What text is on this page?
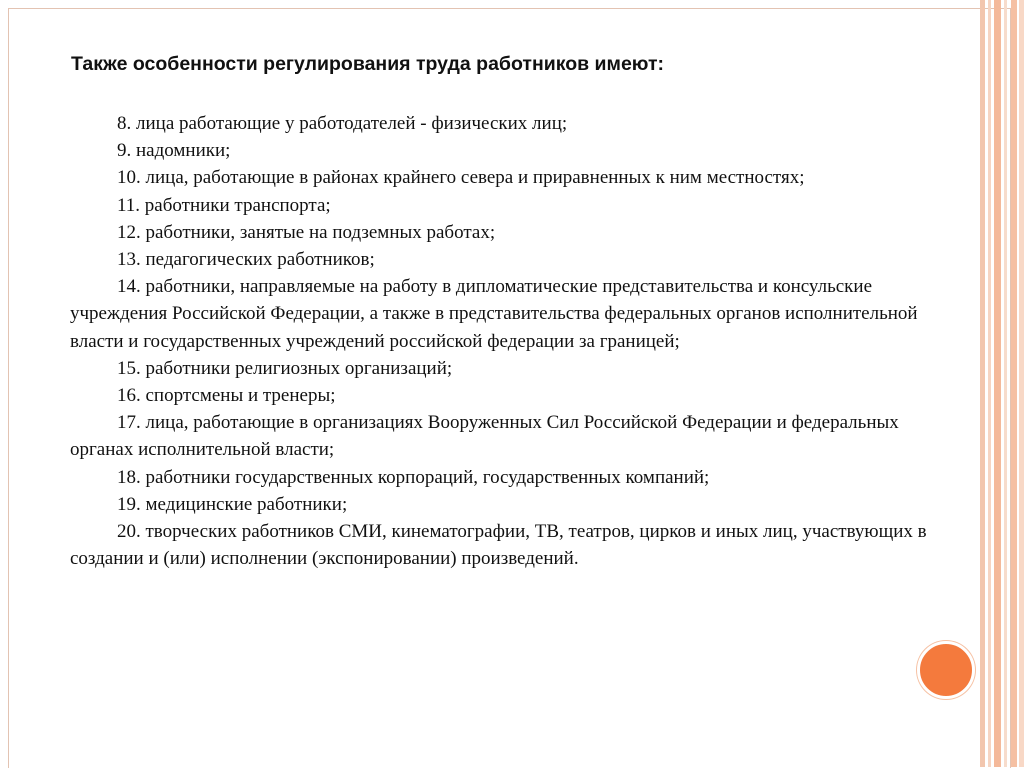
Также особенности регулирования труда работников имеют:

8. лица работающие у работодателей - физических лиц;

9. надомники;

10. лица, работающие в районах крайнего севера и приравненных к ним местностях;

11. работники транспорта;

12. работники, занятые на подземных работах;

13. педагогических работников;

14. работники, направляемые на работу в дипломатические представительства и консульские учреждения Российской Федерации, а также в представительства федеральных органов исполнительной власти и государственных учреждений российской федерации за границей;

15. работники религиозных организаций;

16. спортсмены и тренеры;

17. лица, работающие в организациях Вооруженных Сил Российской Федерации и федеральных органах исполнительной власти;

18. работники государственных корпораций, государственных компаний;

19. медицинские работники;

20. творческих работников СМИ, кинематографии, ТВ, театров, цирков и иных лиц, участвующих в создании и (или) исполнении (экспонировании) произведений.
